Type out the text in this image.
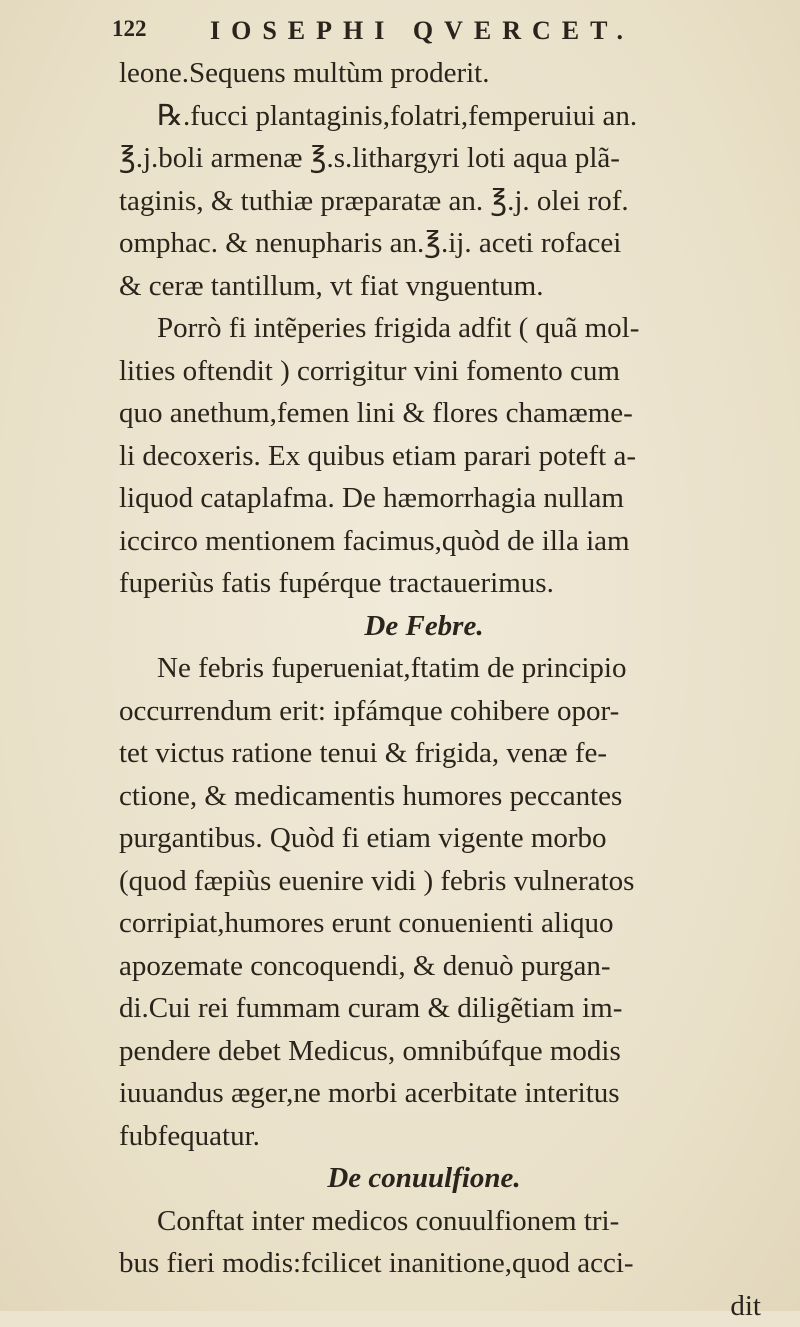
122 IOSEPHI QVERCET.
leone.Sequens multùm proderit.
℞.fucci plantaginis,folatri,femperuiui an.
℥.j.boli armenæ ℥.s.lithargyri loti aqua plã-
taginis, & tuthiæ præparatæ an. ℥.j. olei rof.
omphac. & nenupharis an.℥.ij. aceti rofacei
& ceræ tantillum, vt fiat vnguentum.
Porrò fi intẽperies frigida adfit ( quã mol-
lities oftendit ) corrigitur vini fomento cum
quo anethum,femen lini & flores chamæme-
li decoxeris. Ex quibus etiam parari poteft a-
liquod cataplafma. De hæmorrhagia nullam
iccirco mentionem facimus,quòd de illa iam
fuperiùs fatis fupérque tractauerimus.
De Febre.
Ne febris fuperueniat,ftatim de principio
occurrendum erit: ipfámque cohibere opor-
tet victus ratione tenui & frigida, venæ fe-
ctione, & medicamentis humores peccantes
purgantibus. Quòd fi etiam vigente morbo
(quod fæpiùs euenire vidi ) febris vulneratos
corripiat,humores erunt conuenienti aliquo
apozemate concoquendi, & denuò purgan-
di.Cui rei fummam curam & diligẽtiam im-
pendere debet Medicus, omnibúfque modis
iuuandus æger,ne morbi acerbitate interitus
fubfequatur.
De conuulfione.
Conftat inter medicos conuulfionem tri-
bus fieri modis:fcilicet inanitione,quod acci-
dit
